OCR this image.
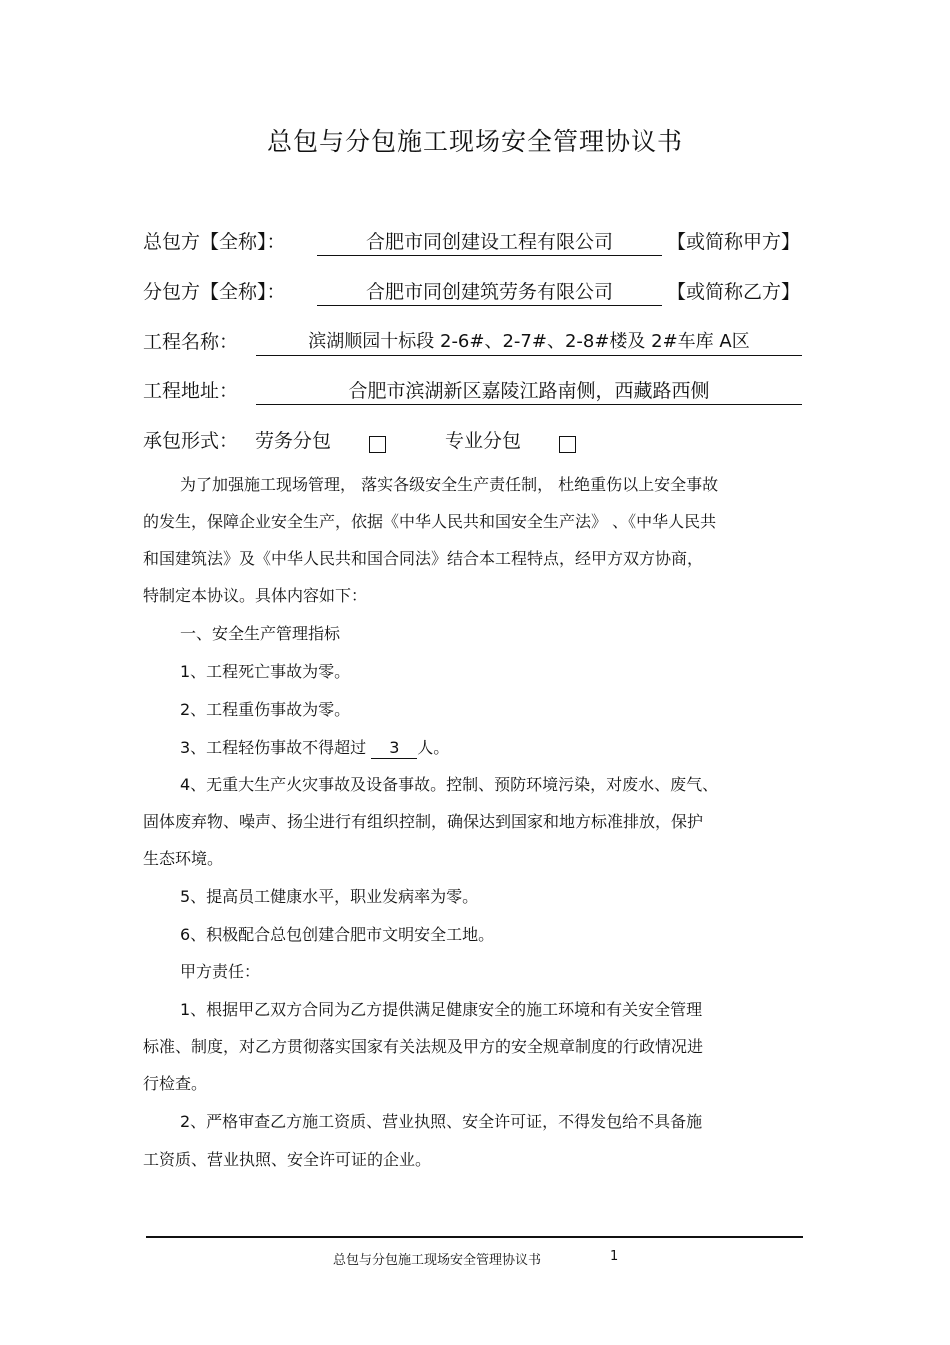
总包与分包施工现场安全管理协议书
总包方【全称】：	合肥市同创建设工程有限公司	【或简称甲方】
分包方【全称】：	合肥市同创建筑劳务有限公司	【或简称乙方】
工程名称：	滨湖顺园十标段 2-6#、2-7#、2-8#楼及 2#车库 A区
工程地址：	合肥市滨湖新区嘉陵江路南侧，西藏路西侧
承包形式： 劳务分包	专业分包
为了加强施工现场管理， 落实各级安全生产责任制， 杜绝重伤以上安全事故
的发生，保障企业安全生产，依据《中华人民共和国安全生产法》 、《中华人民共
和国建筑法》及《中华人民共和国合同法》结合本工程特点，经甲方双方协商，
特制定本协议。具体内容如下：
一、安全生产管理指标
1、工程死亡事故为零。
2、工程重伤事故为零。
3、工程轻伤事故不得超过 3 人。
4、无重大生产火灾事故及设备事故。控制、预防环境污染，对废水、废气、
固体废弃物、噪声、扬尘进行有组织控制，确保达到国家和地方标准排放，保护
生态环境。
5、提高员工健康水平，职业发病率为零。
6、积极配合总包创建合肥市文明安全工地。
甲方责任：
1、根据甲乙双方合同为乙方提供满足健康安全的施工环境和有关安全管理
标准、制度，对乙方贯彻落实国家有关法规及甲方的安全规章制度的行政情况进
行检查。
2、严格审查乙方施工资质、营业执照、安全许可证，不得发包给不具备施
工资质、营业执照、安全许可证的企业。
总包与分包施工现场安全管理协议书	1
